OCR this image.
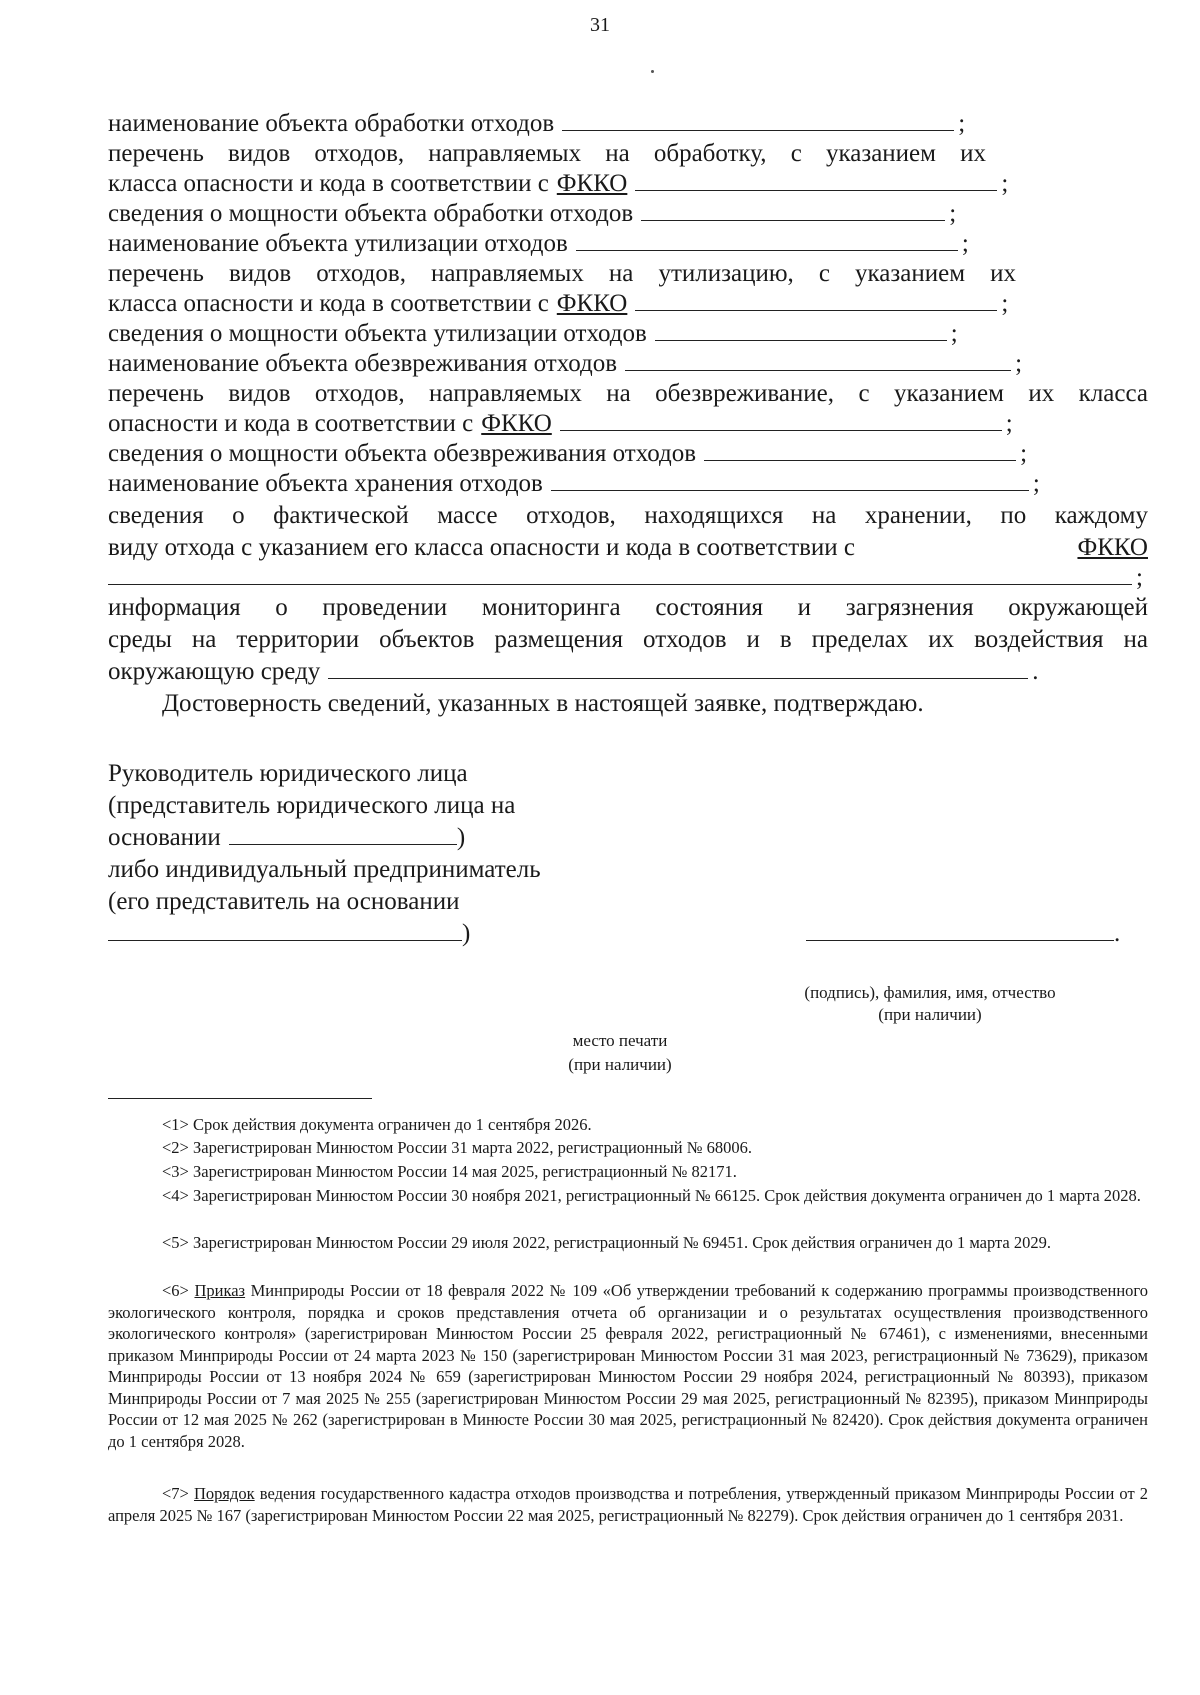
31
наименование объекта обработки отходов	;
перечень видов отходов, направляемых на обработку, с указанием их
класса опасности и кода в соответствии с ФККО	;
сведения о мощности объекта обработки отходов	;
наименование объекта утилизации отходов	;
перечень видов отходов, направляемых на утилизацию, с указанием их
класса опасности и кода в соответствии с ФККО	;
сведения о мощности объекта утилизации отходов	;
наименование объекта обезвреживания отходов	;
перечень видов отходов, направляемых на обезвреживание, с указанием их класса
опасности и кода в соответствии с ФККО	;
сведения о мощности объекта обезвреживания отходов	;
наименование объекта хранения отходов	;
сведения о фактической массе отходов, находящихся на хранении, по каждому
виду отхода с указанием его класса опасности и кода в соответствии с	ФККО
;
информация о проведении мониторинга состояния и загрязнения окружающей
среды на территории объектов размещения отходов и в пределах их воздействия на
окружающую среду	.
Достоверность сведений, указанных в настоящей заявке, подтверждаю.
Руководитель юридического лица
(представитель юридического лица на
основании	)
либо индивидуальный предприниматель
(его представитель на основании
)	.
(подпись), фамилия, имя, отчество
(при наличии)
место печати
(при наличии)
<1> Срок действия документа ограничен до 1 сентября 2026.
<2> Зарегистрирован Минюстом России 31 марта 2022, регистрационный № 68006.
<3> Зарегистрирован Минюстом России 14 мая 2025, регистрационный № 82171.
<4> Зарегистрирован Минюстом России 30 ноября 2021, регистрационный № 66125. Срок действия документа ограничен до 1 марта 2028.
<5> Зарегистрирован Минюстом России 29 июля 2022, регистрационный № 69451. Срок действия ограничен до 1 марта 2029.
<6> Приказ Минприроды России от 18 февраля 2022 № 109 «Об утверждении требований к содержанию программы производственного экологического контроля, порядка и сроков представления отчета об организации и о результатах осуществления производственного экологического контроля» (зарегистрирован Минюстом России 25 февраля 2022, регистрационный № 67461), с изменениями, внесенными приказом Минприроды России от 24 марта 2023 № 150 (зарегистрирован Минюстом России 31 мая 2023, регистрационный № 73629), приказом Минприроды России от 13 ноября 2024 № 659 (зарегистрирован Минюстом России 29 ноября 2024, регистрационный № 80393), приказом Минприроды России от 7 мая 2025 № 255 (зарегистрирован Минюстом России 29 мая 2025, регистрационный № 82395), приказом Минприроды России от 12 мая 2025 № 262 (зарегистрирован в Минюсте России 30 мая 2025, регистрационный № 82420). Срок действия документа ограничен до 1 сентября 2028.
<7> Порядок ведения государственного кадастра отходов производства и потребления, утвержденный приказом Минприроды России от 2 апреля 2025 № 167 (зарегистрирован Минюстом России 22 мая 2025, регистрационный № 82279). Срок действия ограничен до 1 сентября 2031.
